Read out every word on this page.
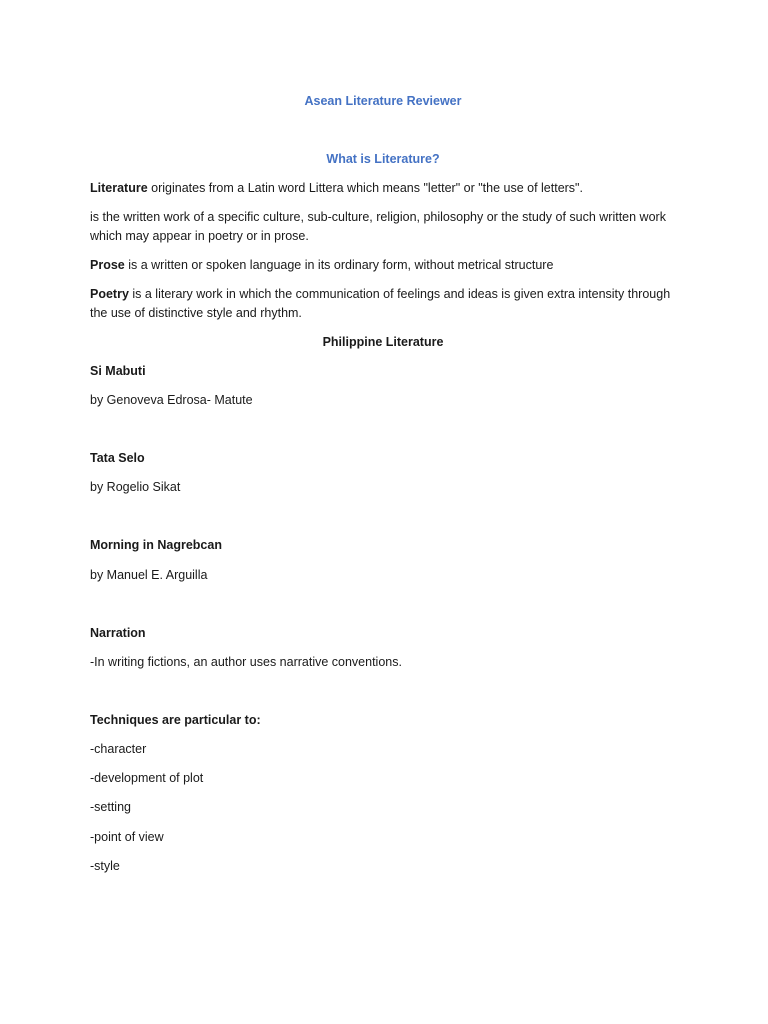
Asean Literature Reviewer
What is Literature?
Literature originates from a Latin word Littera which means "letter" or "the use of letters".
is the written work of a specific culture, sub-culture, religion, philosophy or the study of such written work which may appear in poetry or in prose.
Prose is a written or spoken language in its ordinary form, without metrical structure
Poetry is a literary work in which the communication of feelings and ideas is given extra intensity through the use of distinctive style and rhythm.
Philippine Literature
Si Mabuti
by Genoveva Edrosa- Matute
Tata Selo
by Rogelio Sikat
Morning in Nagrebcan
by Manuel E. Arguilla
Narration
-In writing fictions, an author uses narrative conventions.
Techniques are particular to:
-character
-development of plot
-setting
-point of view
-style
